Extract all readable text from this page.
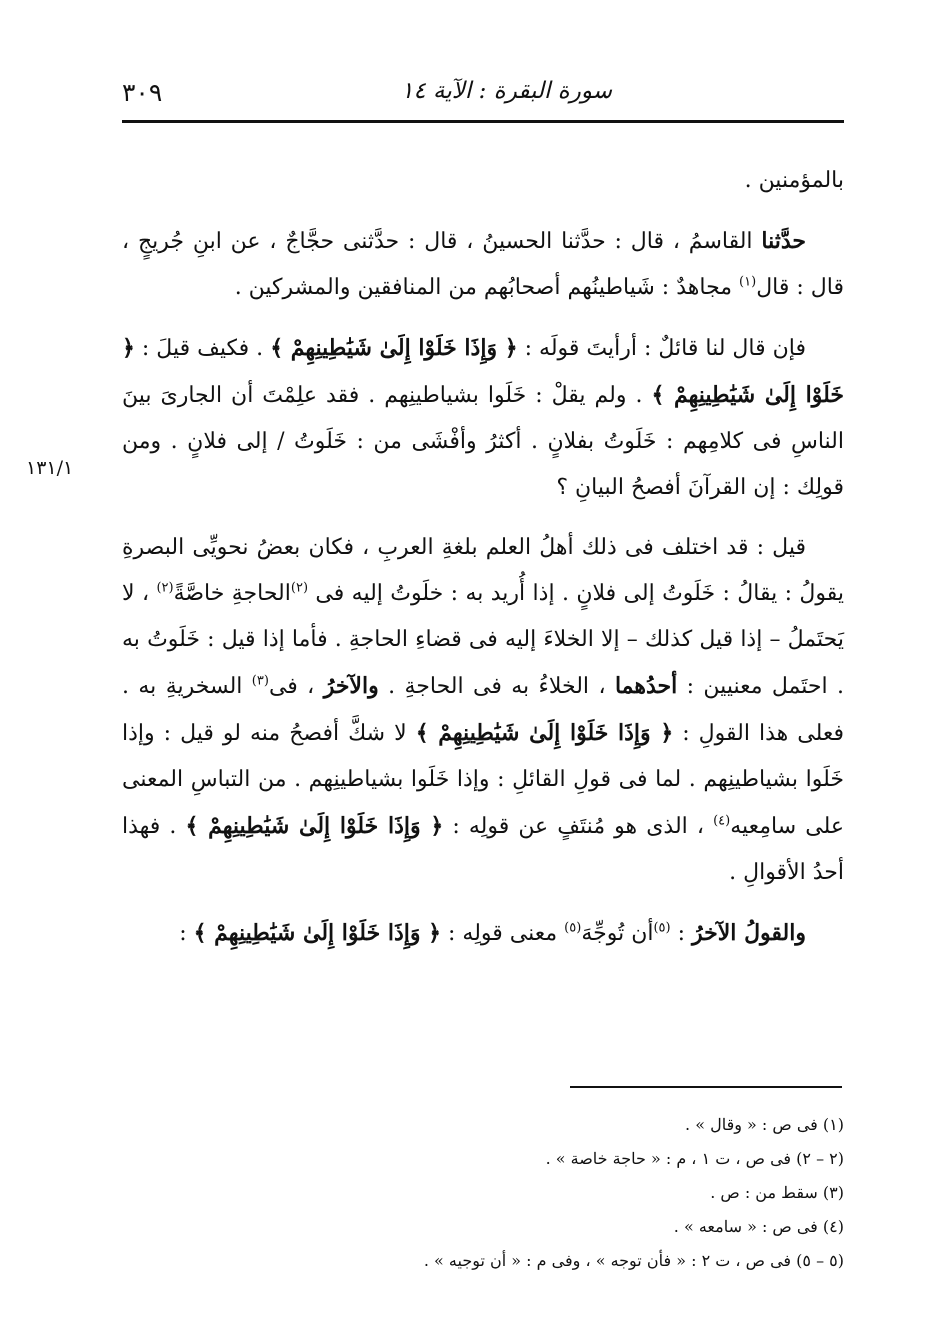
٣٠٩	سورة البقرة : الآية ١٤
١٣١/١

بالمؤمنين .

حدَّثنا القاسمُ ، قال : حدَّثنا الحسينُ ، قال : حدَّثنى حجَّاجٌ ، عن ابنِ جُريجٍ ، قال : قال$^{(١)}$ مجاهدٌ : شَياطينُهم أصحابُهم من المنافقين والمشركين .

فإن قال لنا قائلٌ : أرأيتَ قولَه : ﴿ وَإِذَا خَلَوْا إِلَىٰ شَيَٰطِينِهِمْ ﴾ . فكيف قيلَ : ﴿ خَلَوْا إِلَىٰ شَيَٰطِينِهِمْ ﴾ . ولم يقلْ : خَلَوا بشياطينِهم . فقد علِمْتَ أن الجارىَ بينَ الناسِ فى كلامِهم : خَلَوتُ بفلانٍ . أكثرُ وأفْشَى من : خَلَوتُ / إلى فلانٍ . ومن قولِك : إن القرآنَ أفصحُ البيانِ ؟

قيل : قد اختلف فى ذلك أهلُ العلم بلغةِ العربِ ، فكان بعضُ نحويِّى البصرةِ يقولُ : يقالُ : خَلَوتُ إلى فلانٍ . إذا أُريد به : خلَوتُ إليه فى $^{(٢)}$الحاجةِ خاصَّةً$^{(٢)}$ ، لا يَحتَملُ – إذا قيل كذلك – إلا الخلاءَ إليه فى قضاءِ الحاجةِ . فأما إذا قيل : خَلَوتُ به . احتَمل معنيين : أحدُهما ، الخلاءُ به فى الحاجةِ . والآخرُ ، فى$^{(٣)}$ السخريةِ به . فعلى هذا القولِ : ﴿ وَإِذَا خَلَوْا إِلَىٰ شَيَٰطِينِهِمْ ﴾ لا شكَّ أفصحُ منه لو قيل : وإذا خَلَوا بشياطينِهم . لما فى قولِ القائلِ : وإذا خَلَوا بشياطينِهم . من التباسِ المعنى على سامِعيه$^{(٤)}$ ، الذى هو مُنتَفٍ عن قولِه : ﴿ وَإِذَا خَلَوْا إِلَىٰ شَيَٰطِينِهِمْ ﴾ . فهذا أحدُ الأقوالِ .

والقولُ الآخرُ : $^{(٥)}$أن تُوجِّهَ$^{(٥)}$ معنى قولِه : ﴿ وَإِذَا خَلَوْا إِلَىٰ شَيَٰطِينِهِمْ ﴾ :

(١) فى ص : « وقال » .

(٢ – ٢) فى ص ، ت ١ ، م : « حاجة خاصة » .

(٣) سقط من : ص .

(٤) فى ص : « سامعه » .

(٥ – ٥) فى ص ، ت ٢ : « فأن توجه » ، وفى م : « أن توجيه » .
